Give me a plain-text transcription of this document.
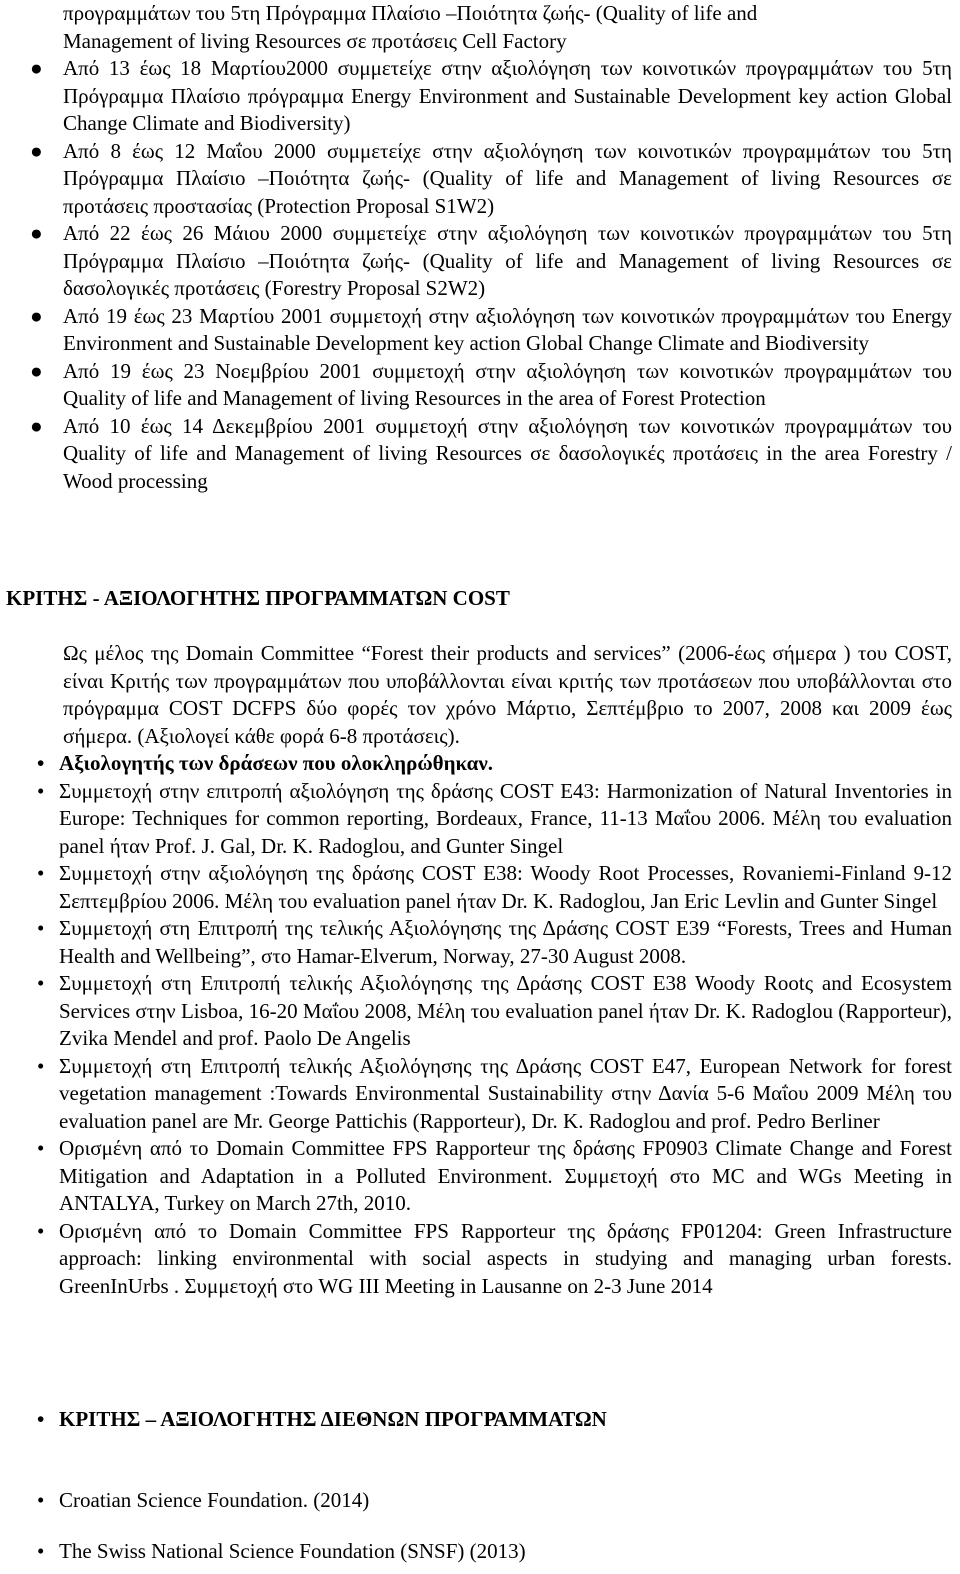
προγραμμάτων του 5τη Πρόγραμμα Πλαίσιο –Ποιότητα ζωής- (Quality of life and
Management of living Resources σε προτάσεις Cell Factory
● Από 13 έως 18 Μαρτίου2000 συμμετείχε στην αξιολόγηση των κοινοτικών προγραμμάτων του 5τη Πρόγραμμα Πλαίσιο πρόγραμμα Energy Environment and Sustainable Development key action Global Change Climate and Biodiversity)
● Από 8 έως 12 Μαΐου 2000 συμμετείχε στην αξιολόγηση των κοινοτικών προγραμμάτων του 5τη Πρόγραμμα Πλαίσιο –Ποιότητα ζωής- (Quality of life and Management of living Resources σε προτάσεις προστασίας (Protection Proposal S1W2)
● Από 22 έως 26 Μάιου 2000 συμμετείχε στην αξιολόγηση των κοινοτικών προγραμμάτων του 5τη Πρόγραμμα Πλαίσιο –Ποιότητα ζωής- (Quality of life and Management of living Resources σε δασολογικές προτάσεις (Forestry Proposal S2W2)
● Από 19 έως 23 Μαρτίου 2001 συμμετοχή στην αξιολόγηση των κοινοτικών προγραμμάτων του Energy Environment and Sustainable Development key action Global Change Climate and Biodiversity
● Από 19 έως 23 Νοεμβρίου 2001 συμμετοχή στην αξιολόγηση των κοινοτικών προγραμμάτων του Quality of life and Management of living Resources in the area of Forest Protection
● Από 10 έως 14 Δεκεμβρίου 2001 συμμετοχή στην αξιολόγηση των κοινοτικών προγραμμάτων του Quality of life and Management of living Resources σε δασολογικές προτάσεις in the area Forestry / Wood processing
ΚΡΙΤΗΣ - ΑΞΙΟΛΟΓΗΤΗΣ ΠΡΟΓΡΑΜΜΑΤΩΝ COST
Ως μέλος της Domain Committee “Forest their products and services” (2006-έως σήμερα ) του COST, είναι Κριτής των προγραμμάτων που υποβάλλονται είναι κριτής των προτάσεων που υποβάλλονται στο πρόγραμμα COST DCFPS δύο φορές τον χρόνο Μάρτιο, Σεπτέμβριο το 2007, 2008 και 2009 έως σήμερα. (Αξιολογεί κάθε φορά 6-8 προτάσεις).
• Αξιολογητής των δράσεων που ολοκληρώθηκαν.
• Συμμετοχή στην επιτροπή αξιολόγηση της δράσης COST E43: Harmonization of Natural Inventories in Europe: Techniques for common reporting, Bordeaux, France, 11-13 Μαΐου 2006. Μέλη του evaluation panel ήταν Prof. J. Gal, Dr. K. Radoglou, and Gunter Singel
• Συμμετοχή στην αξιολόγηση της δράσης COST E38: Woody Root Processes, Rovaniemi-Finland 9-12 Σεπτεμβρίου 2006. Μέλη του evaluation panel ήταν Dr. K. Radoglou, Jan Eric Levlin and Gunter Singel
• Συμμετοχή στη Επιτροπή της τελικής Αξιολόγησης της Δράσης COST E39 “Forests, Trees and Human Health and Wellbeing”, στο Hamar-Elverum, Norway, 27-30 August 2008.
• Συμμετοχή στη Επιτροπή τελικής Αξιολόγησης της Δράσης COST E38 Woody Rootς and Ecosystem Services στην Lisboa, 16-20 Μαΐου 2008, Μέλη του evaluation panel ήταν Dr. K. Radoglou (Rapporteur), Zvika Mendel and prof. Paolo De Angelis
• Συμμετοχή στη Επιτροπή τελικής Αξιολόγησης της Δράσης COST E47, European Network for forest vegetation management :Towards Environmental Sustainability στην Δανία 5-6 Μαΐου 2009 Μέλη του evaluation panel are Mr. George Pattichis (Rapporteur), Dr. K. Radoglou and prof. Pedro Berliner
• Ορισμένη από το Domain Committee FPS Rapporteur της δράσης FP0903 Climate Change and Forest Mitigation and Adaptation in a Polluted Environment. Συμμετοχή στο MC and WGs Meeting in ANTALYA, Turkey on March 27th, 2010.
• Ορισμένη από το Domain Committee FPS Rapporteur της δράσης FP01204: Green Infrastructure approach: linking environmental with social aspects in studying and managing urban forests. GreenInUrbs . Συμμετοχή στο WG III Meeting in Lausanne on 2-3 June 2014
• ΚΡΙΤΗΣ – ΑΞΙΟΛΟΓΗΤΗΣ ΔΙΕΘΝΩΝ ΠΡΟΓΡΑΜΜΑΤΩΝ
• Croatian Science Foundation. (2014)
• The Swiss National Science Foundation (SNSF) (2013)
